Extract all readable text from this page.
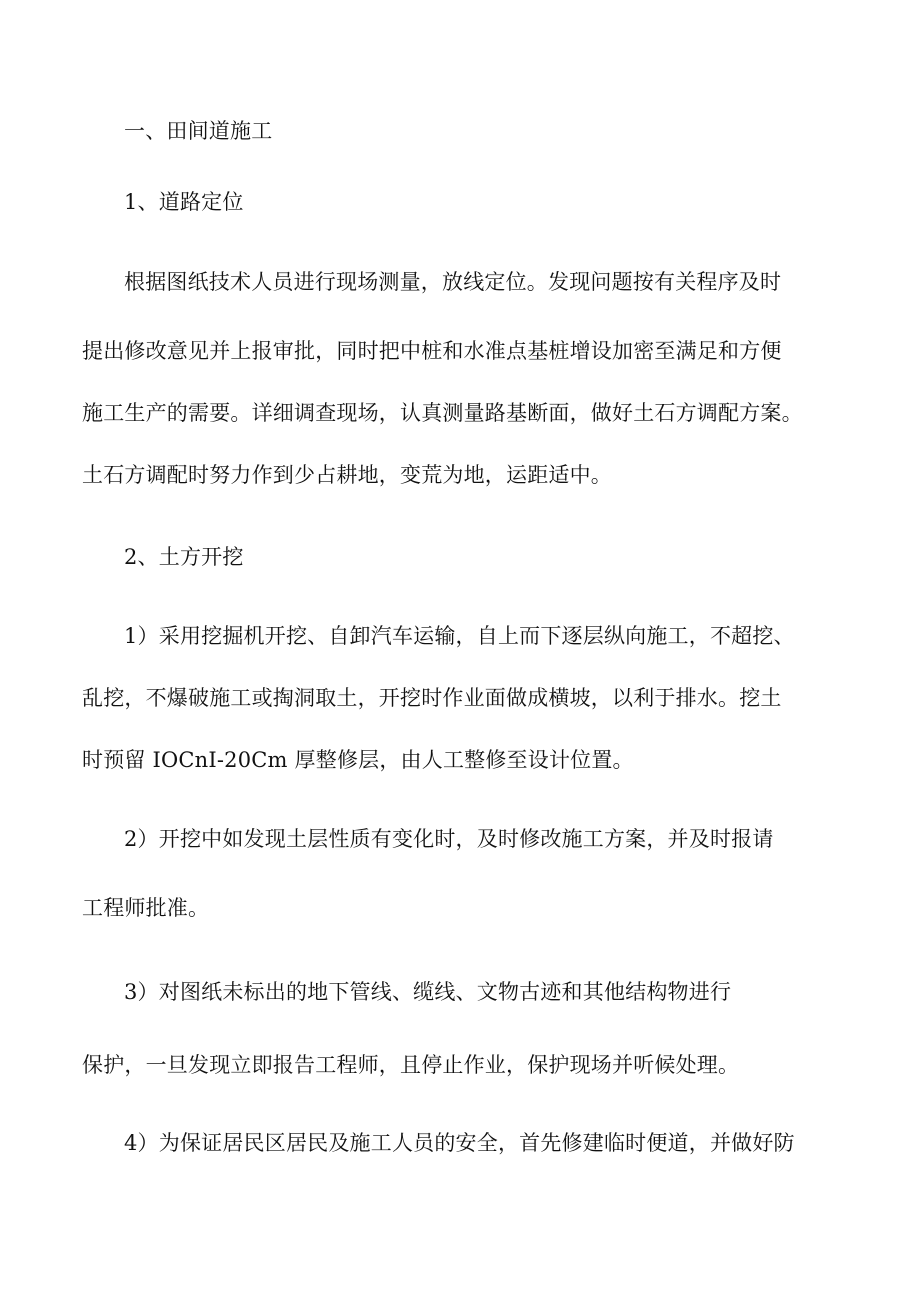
一、田间道施工
1、道路定位
根据图纸技术人员进行现场测量，放线定位。发现问题按有关程序及时
提出修改意见并上报审批，同时把中桩和水准点基桩增设加密至满足和方便
施工生产的需要。详细调查现场，认真测量路基断面，做好土石方调配方案。
土石方调配时努力作到少占耕地，变荒为地，运距适中。
2、土方开挖
1）采用挖掘机开挖、自卸汽车运输，自上而下逐层纵向施工，不超挖、
乱挖，不爆破施工或掏洞取土，开挖时作业面做成横坡，以利于排水。挖土
时预留 IOCnI-20Cm 厚整修层，由人工整修至设计位置。
2）开挖中如发现土层性质有变化时，及时修改施工方案，并及时报请
工程师批准。
3）对图纸未标出的地下管线、缆线、文物古迹和其他结构物进行
保护，一旦发现立即报告工程师，且停止作业，保护现场并听候处理。
4）为保证居民区居民及施工人员的安全，首先修建临时便道，并做好防
